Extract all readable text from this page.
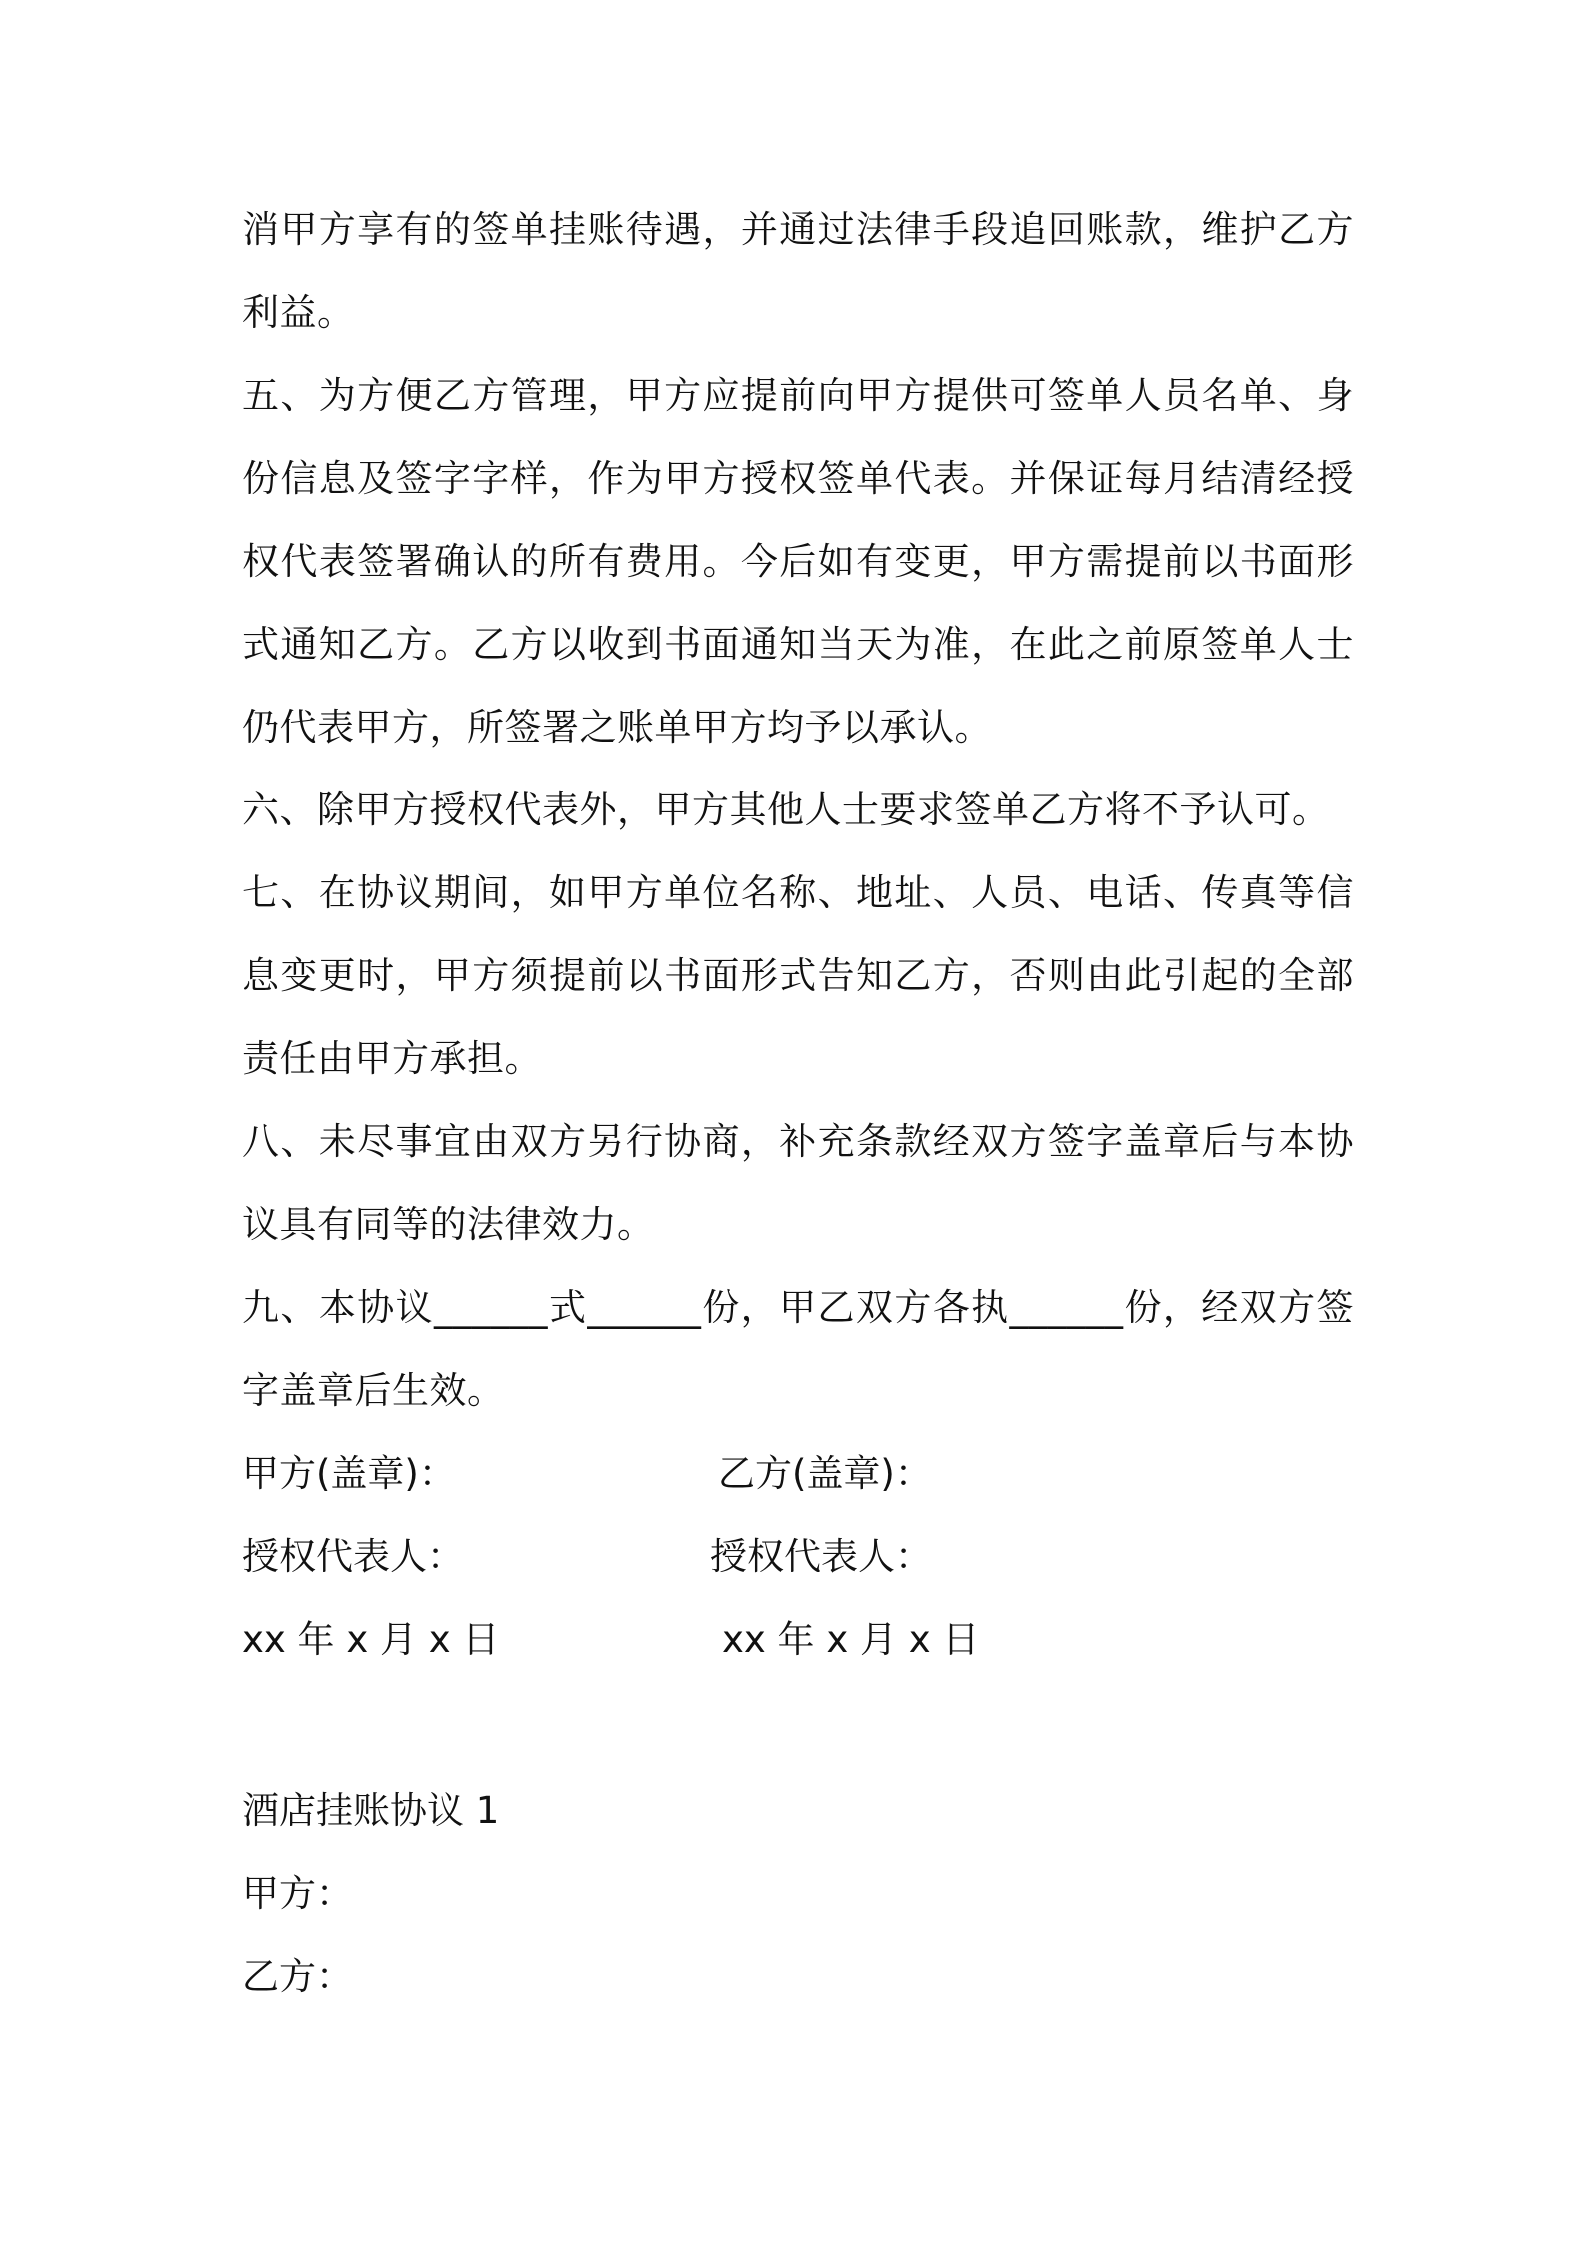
消甲方享有的签单挂账待遇，并通过法律手段追回账款，维护乙方利益。

五、为方便乙方管理，甲方应提前向甲方提供可签单人员名单、身份信息及签字字样，作为甲方授权签单代表。并保证每月结清经授权代表签署确认的所有费用。今后如有变更，甲方需提前以书面形式通知乙方。乙方以收到书面通知当天为准，在此之前原签单人士仍代表甲方，所签署之账单甲方均予以承认。

六、除甲方授权代表外，甲方其他人士要求签单乙方将不予认可。

七、在协议期间，如甲方单位名称、地址、人员、电话、传真等信息变更时，甲方须提前以书面形式告知乙方，否则由此引起的全部责任由甲方承担。

八、未尽事宜由双方另行协商，补充条款经双方签字盖章后与本协议具有同等的法律效力。

九、本协议______式______份，甲乙双方各执______份，经双方签字盖章后生效。

甲方(盖章)：	乙方(盖章)：

授权代表人：	授权代表人：

xx 年 x 月 x 日	xx 年 x 月 x 日

酒店挂账协议 1

甲方：

乙方：
